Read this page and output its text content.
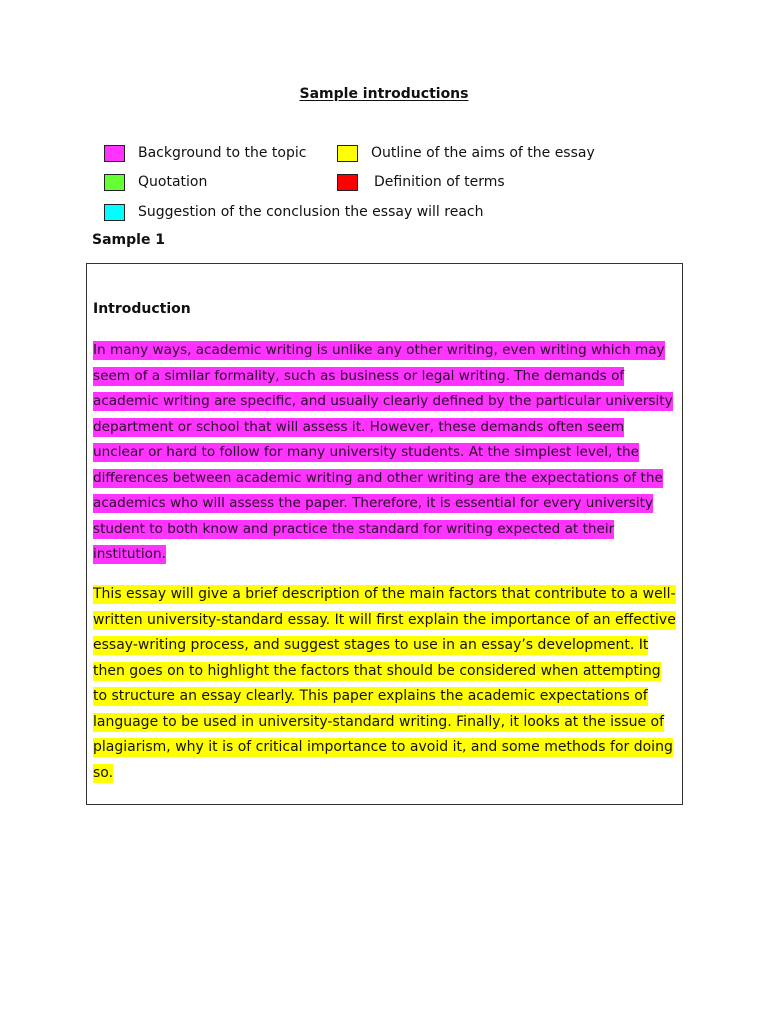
Sample introductions
Background to the topic	Outline of the aims of the essay
Quotation	Definition of terms
Suggestion of the conclusion the essay will reach
Sample 1
Introduction

In many ways, academic writing is unlike any other writing, even writing which may seem of a similar formality, such as business or legal writing. The demands of academic writing are specific, and usually clearly defined by the particular university department or school that will assess it. However, these demands often seem unclear or hard to follow for many university students. At the simplest level, the differences between academic writing and other writing are the expectations of the academics who will assess the paper. Therefore, it is essential for every university student to both know and practice the standard for writing expected at their institution.

This essay will give a brief description of the main factors that contribute to a well-written university-standard essay. It will first explain the importance of an effective essay-writing process, and suggest stages to use in an essay’s development. It then goes on to highlight the factors that should be considered when attempting to structure an essay clearly. This paper explains the academic expectations of language to be used in university-standard writing. Finally, it looks at the issue of plagiarism, why it is of critical importance to avoid it, and some methods for doing so.
